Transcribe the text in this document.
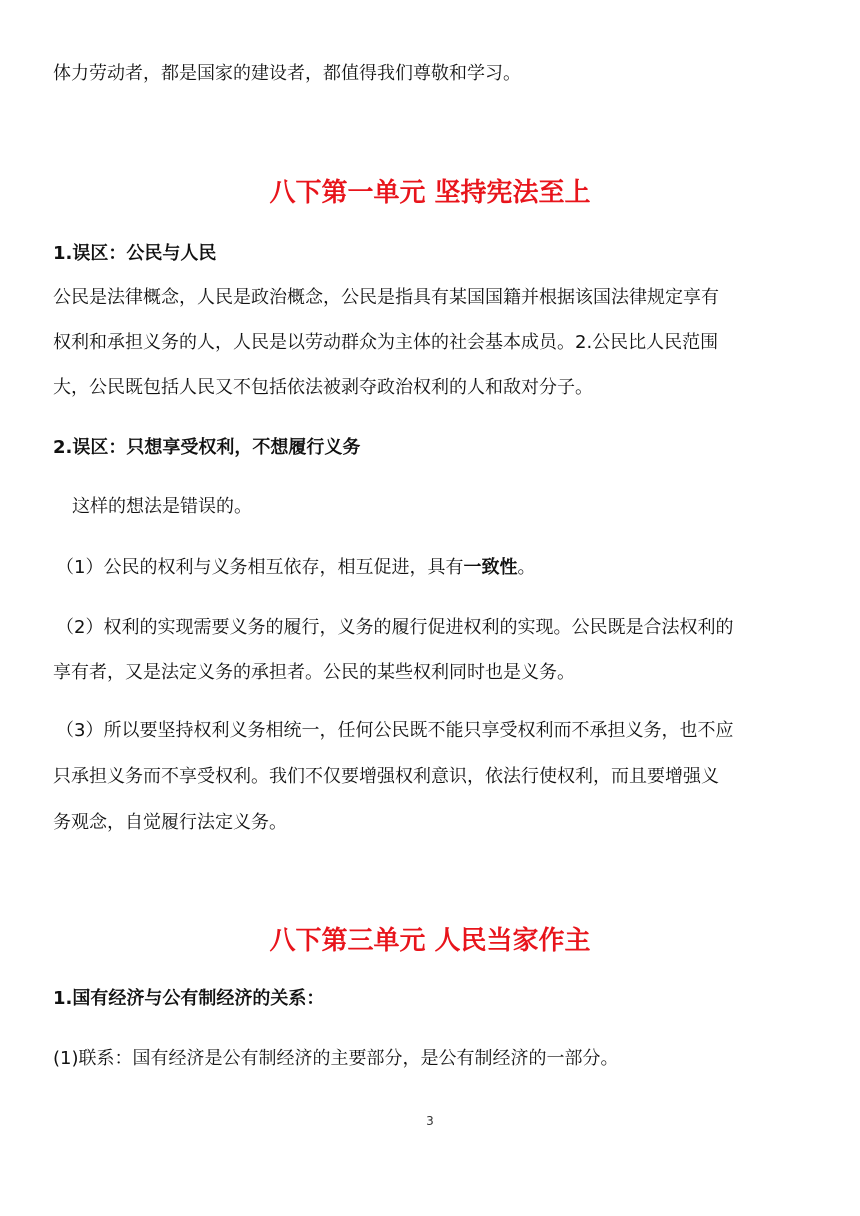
体力劳动者，都是国家的建设者，都值得我们尊敬和学习。
八下第一单元 坚持宪法至上
1.误区：公民与人民
公民是法律概念，人民是政治概念，公民是指具有某国国籍并根据该国法律规定享有
权利和承担义务的人，人民是以劳动群众为主体的社会基本成员。2.公民比人民范围
大，公民既包括人民又不包括依法被剥夺政治权利的人和敌对分子。
2.误区：只想享受权利，不想履行义务
这样的想法是错误的。
（1）公民的权利与义务相互依存，相互促进，具有一致性。
（2）权利的实现需要义务的履行，义务的履行促进权利的实现。公民既是合法权利的
享有者，又是法定义务的承担者。公民的某些权利同时也是义务。
（3）所以要坚持权利义务相统一，任何公民既不能只享受权利而不承担义务，也不应
只承担义务而不享受权利。我们不仅要增强权利意识，依法行使权利，而且要增强义
务观念，自觉履行法定义务。
八下第三单元 人民当家作主
1.国有经济与公有制经济的关系：
(1)联系：国有经济是公有制经济的主要部分，是公有制经济的一部分。
3
